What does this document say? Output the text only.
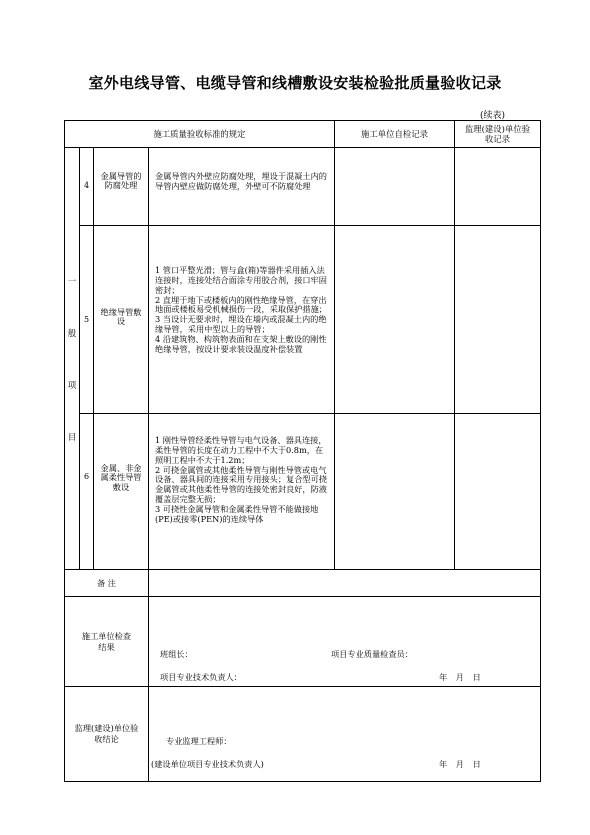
室外电线导管、电缆导管和线槽敷设安装检验批质量验收记录
(续表)
施工质量验收标准的规定				施工单位自检记录	监理(建设)单位验收记录

一
般
项
目	4	金属导管的防腐处理	金属导管内外壁应防腐处理，埋设于混凝土内的导管内壁应做防腐处理，外壁可不防腐处理		
	5	绝缘导管敷设	1 管口平整光滑；管与盒(箱)等器件采用插入法连接时，连接处结合面涂专用胶合剂，接口牢固密封；
2 直埋于地下或楼板内的刚性绝缘导管，在穿出地面或楼板易受机械损伤一段，采取保护措施；
3 当设计无要求时，埋设在墙内或混凝土内的绝缘导管，采用中型以上的导管；
4 沿建筑物、构筑物表面和在支架上敷设的刚性绝缘导管，按设计要求装设温度补偿装置		
	6	金属、非金属柔性导管敷设	1 刚性导管经柔性导管与电气设备、器具连接，柔性导管的长度在动力工程中不大于0.8m，在照明工程中不大于1.2m；
2 可挠金属管或其他柔性导管与刚性导管或电气设备、器具间的连接采用专用接头；复合型可挠金属管或其他柔性导管的连接处密封良好，防液覆盖层完整无损；
3 可挠性金属导管和金属柔性导管不能做接地(PE)或接零(PEN)的连续导体		
备 注					
施工单位检查结果			班组长： 项目专业质量检查员：
项目专业技术负责人： 年 月 日		

监理(建设)单位验收结论			专业监理工程师：
(建设单位项目专业技术负责人) 年 月 日		
